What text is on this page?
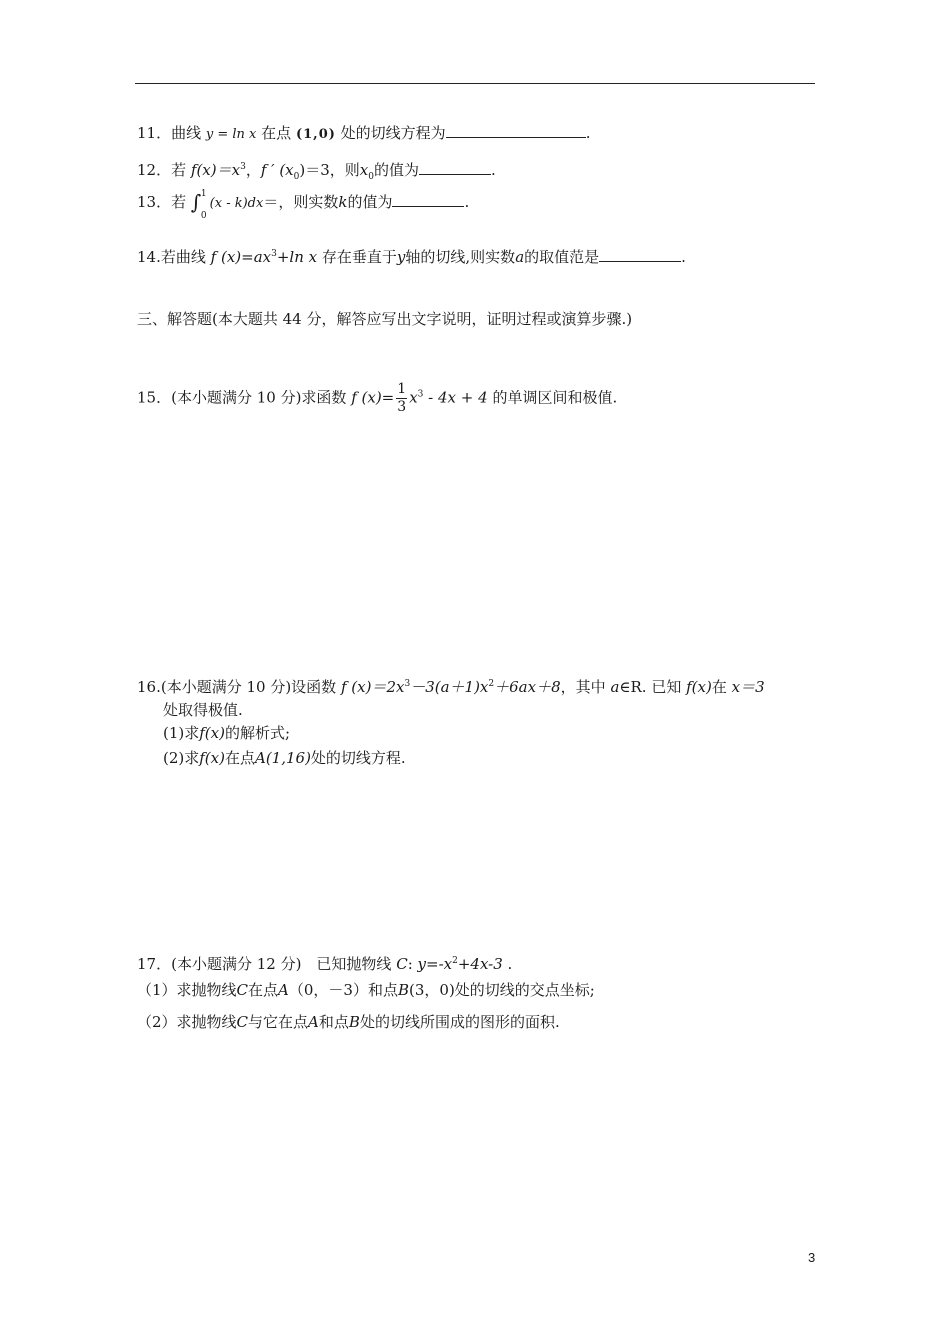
11．曲线 y = ln x 在点 (1,0) 处的切线方程为	.
12．若 $f(x)=x^3$，f ′ $(x_0)=3$，则$x_0$的值为	.
13．若 ∫ 1
0
(x - k)dx＝，则实数k的值为	.
14.若曲线 f $(x)=ax^3+\ln$ x 存在垂直于y轴的切线,则实数a的取值范是	.
三、解答题(本大题共 44 分，解答应写出文字说明，证明过程或演算步骤.)
15．(本小题满分 10 分)求函数 f $(x)= \frac{1}{3} x^3 - 4x + 4$ 的单调区间和极值.
16.(本小题满分 10 分)设函数 f $(x)=2x^3-3(a+1)x^2+6ax+8$，其中 a∈R. 已知 f(x)在 x＝3
处取得极值.
(1)求f(x)的解析式;
(2)求f(x)在点A(1,16)处的切线方程.
17．(本小题满分 12 分)　已知抛物线 C: $y=-x^2+4x-3$ .
（1）求抛物线C在点A（0，－3）和点B(3，0)处的切线的交点坐标;
（2）求抛物线C与它在点A和点B处的切线所围成的图形的面积.
3
